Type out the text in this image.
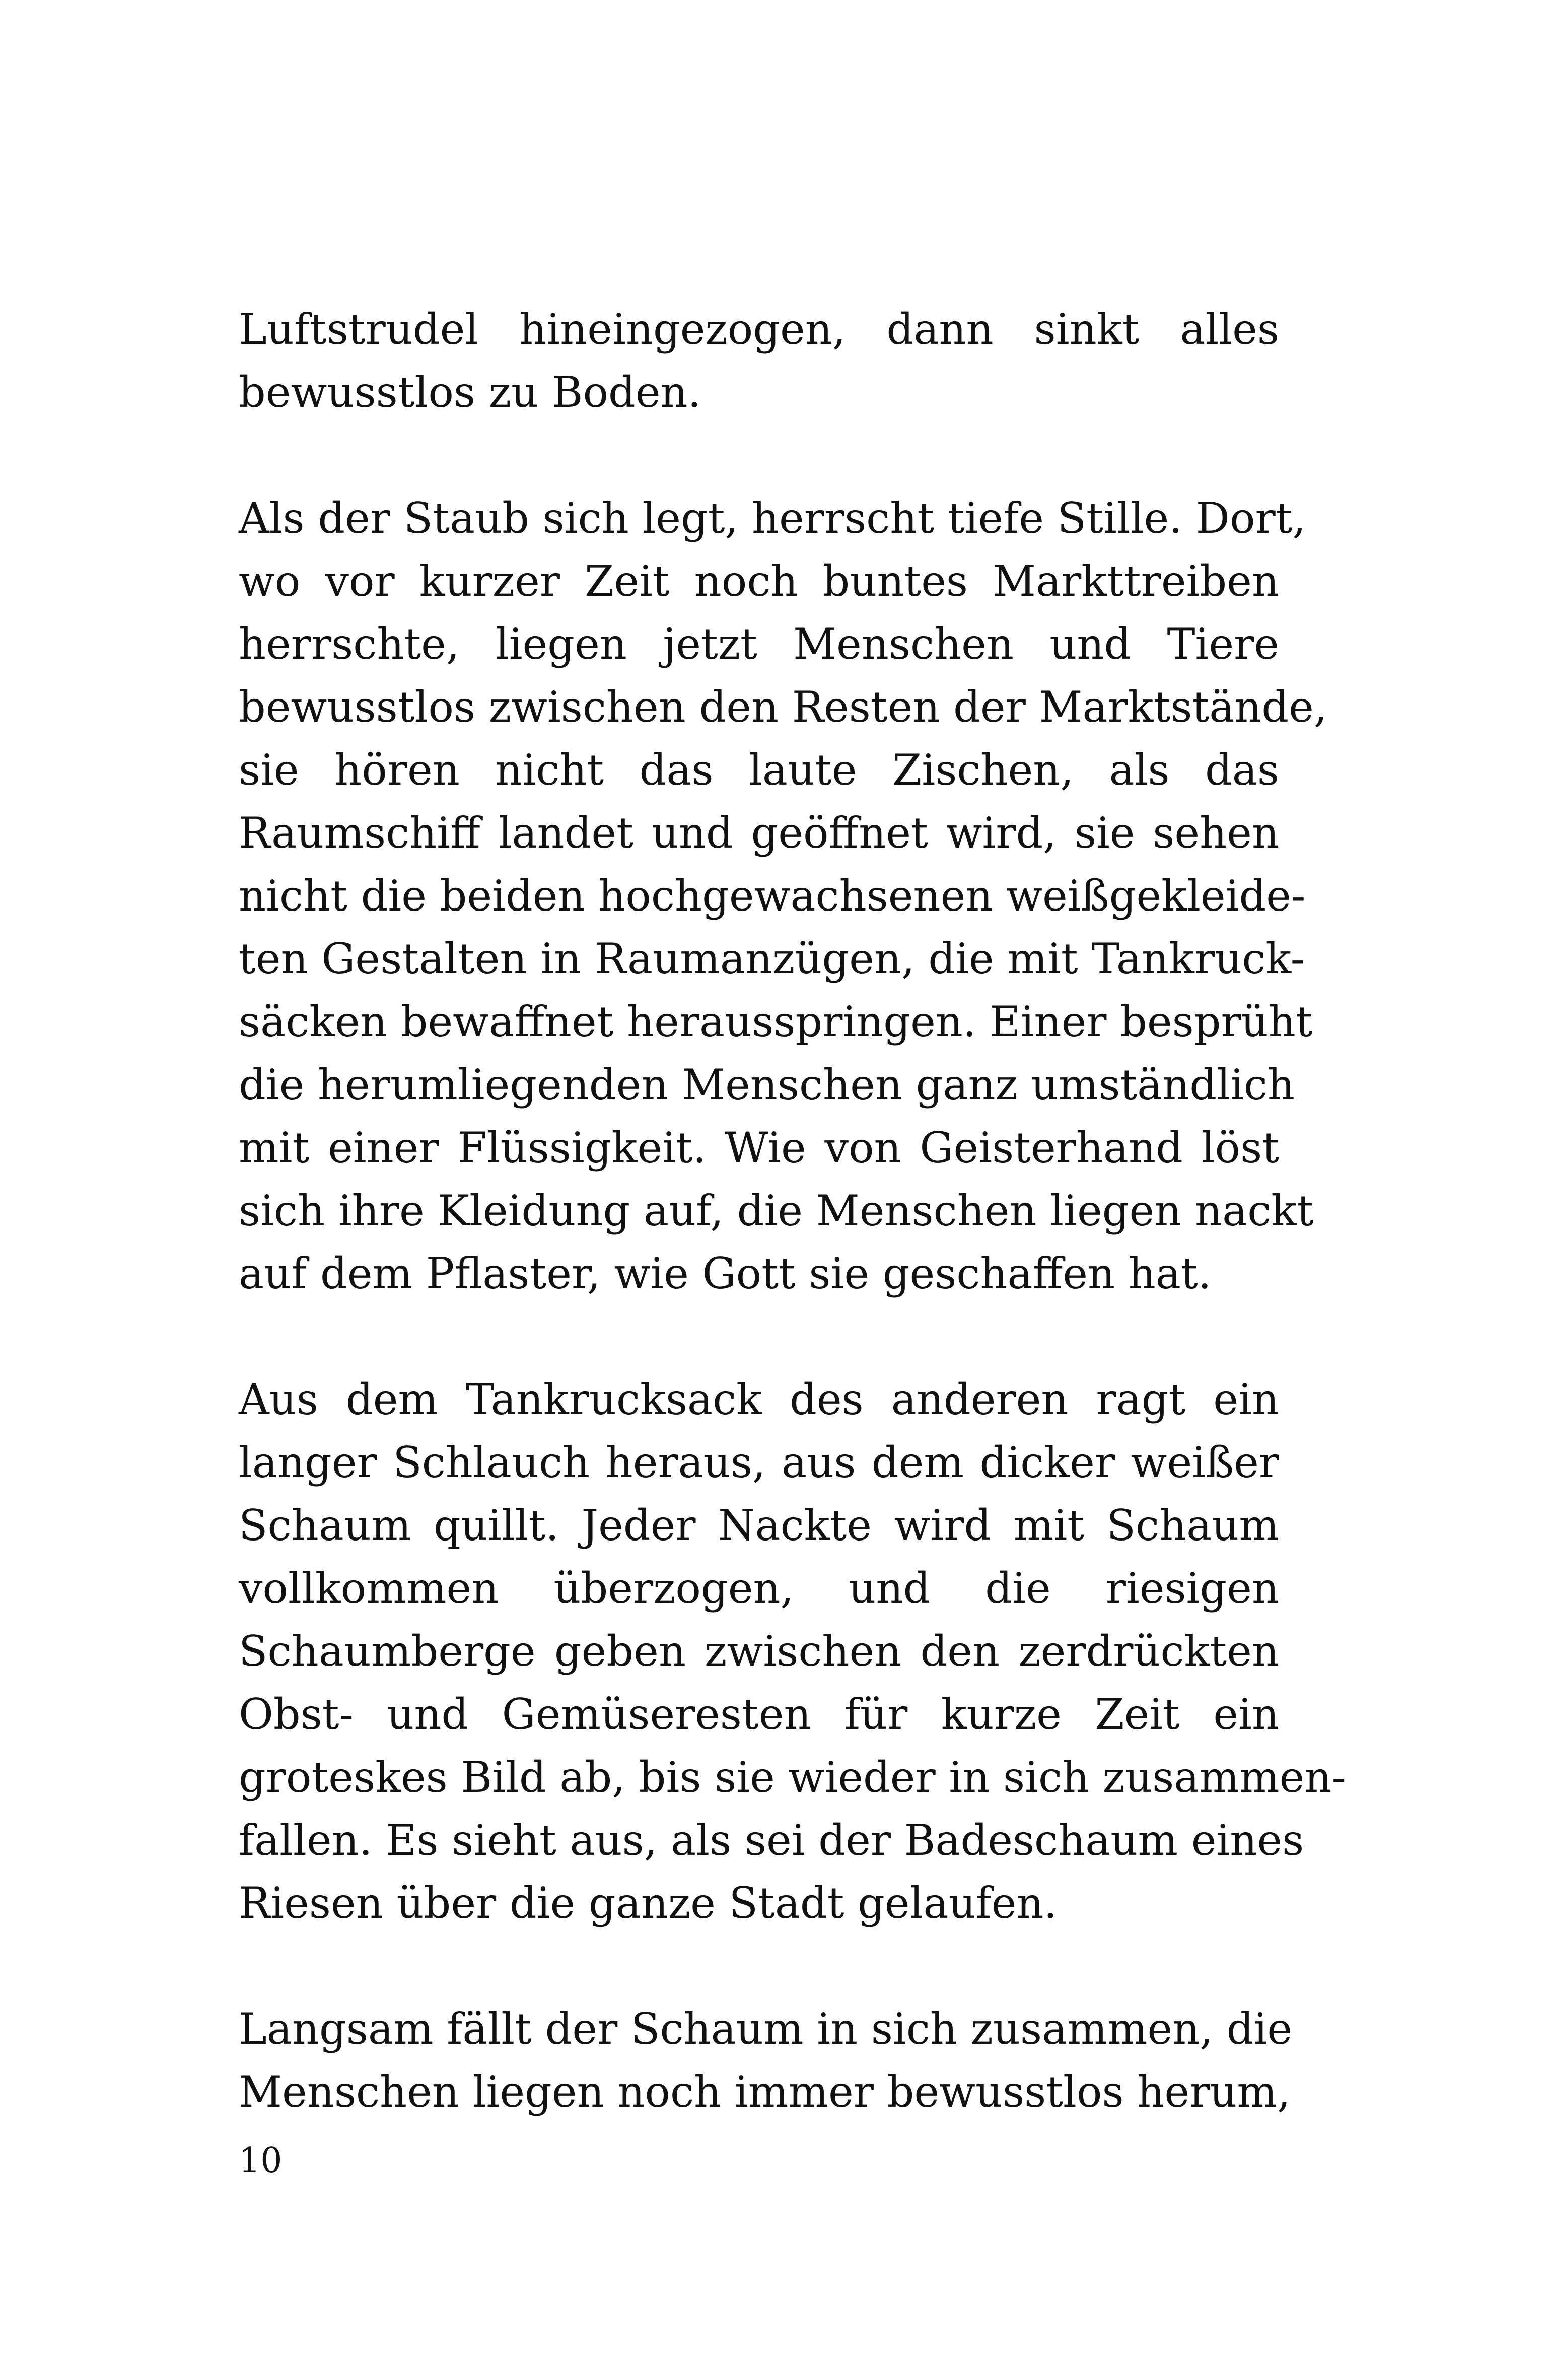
Luftstrudel hineingezogen, dann sinkt alles
bewusstlos zu Boden.

Als der Staub sich legt, herrscht tiefe Stille. Dort,
wo vor kurzer Zeit noch buntes Markttreiben
herrschte, liegen jetzt Menschen und Tiere
bewusstlos zwischen den Resten der Marktstände,
sie hören nicht das laute Zischen, als das
Raumschiff landet und geöffnet wird, sie sehen
nicht die beiden hochgewachsenen weißgekleide-
ten Gestalten in Raumanzügen, die mit Tankruck-
säcken bewaffnet herausspringen. Einer besprüht
die herumliegenden Menschen ganz umständlich
mit einer Flüssigkeit. Wie von Geisterhand löst
sich ihre Kleidung auf, die Menschen liegen nackt
auf dem Pflaster, wie Gott sie geschaffen hat.

Aus dem Tankrucksack des anderen ragt ein
langer Schlauch heraus, aus dem dicker weißer
Schaum quillt. Jeder Nackte wird mit Schaum
vollkommen überzogen, und die riesigen
Schaumberge geben zwischen den zerdrückten
Obst- und Gemüseresten für kurze Zeit ein
groteskes Bild ab, bis sie wieder in sich zusammen-
fallen. Es sieht aus, als sei der Badeschaum eines
Riesen über die ganze Stadt gelaufen.

Langsam fällt der Schaum in sich zusammen, die
Menschen liegen noch immer bewusstlos herum,

10
